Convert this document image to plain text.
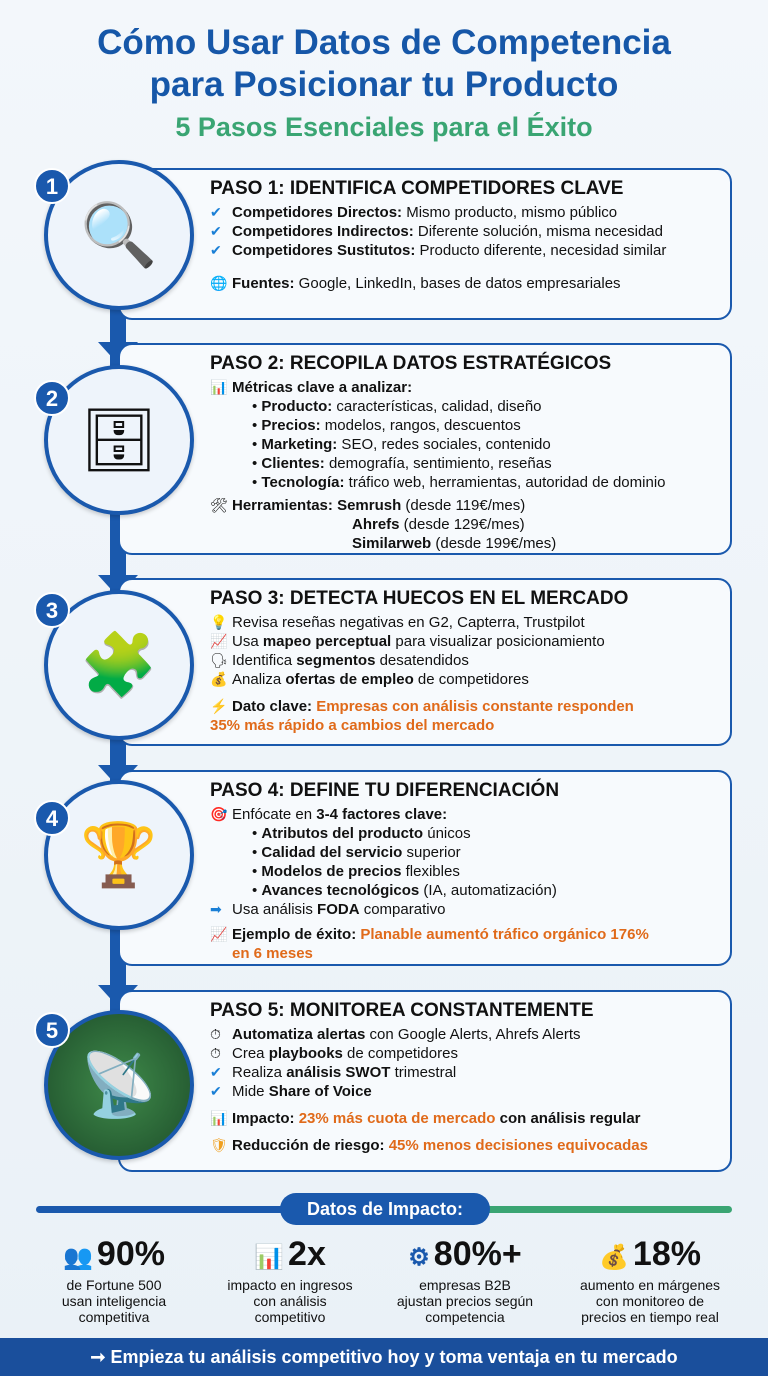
Cómo Usar Datos de Competencia
para Posicionar tu Producto
5 Pasos Esenciales para el Éxito
PASO 1: IDENTIFICA COMPETIDORES CLAVE
✔ Competidores Directos: Mismo producto, mismo público
✔ Competidores Indirectos: Diferente solución, misma necesidad
✔ Competidores Sustitutos: Producto diferente, necesidad similar
🌐 Fuentes: Google, LinkedIn, bases de datos empresariales
🔍
1
PASO 2: RECOPILA DATOS ESTRATÉGICOS
📊 Métricas clave a analizar:
• Producto: características, calidad, diseño
• Precios: modelos, rangos, descuentos
• Marketing: SEO, redes sociales, contenido
• Clientes: demografía, sentimiento, reseñas
• Tecnología: tráfico web, herramientas, autoridad de dominio
🛠 Herramientas: Semrush (desde 119€/mes)
Ahrefs (desde 129€/mes)
Similarweb (desde 199€/mes)
🗄
2
PASO 3: DETECTA HUECOS EN EL MERCADO
💡 Revisa reseñas negativas en G2, Capterra, Trustpilot
📈 Usa mapeo perceptual para visualizar posicionamiento
🗣 Identifica segmentos desatendidos
💰 Analiza ofertas de empleo de competidores
⚡ Dato clave: Empresas con análisis constante responden
35% más rápido a cambios del mercado
🧩
3
PASO 4: DEFINE TU DIFERENCIACIÓN
🎯 Enfócate en 3-4 factores clave:
• Atributos del producto únicos
• Calidad del servicio superior
• Modelos de precios flexibles
• Avances tecnológicos (IA, automatización)
➡ Usa análisis FODA comparativo
📈 Ejemplo de éxito: Planable aumentó tráfico orgánico 176%
en 6 meses
🏆
4
PASO 5: MONITOREA CONSTANTEMENTE
⏱ Automatiza alertas con Google Alerts, Ahrefs Alerts
⏱ Crea playbooks de competidores
✔ Realiza análisis SWOT trimestral
✔ Mide Share of Voice
📊 Impacto: 23% más cuota de mercado con análisis regular
🛡 Reducción de riesgo: 45% menos decisiones equivocadas
📡
5
Datos de Impacto:
👥 90%
de Fortune 500
usan inteligencia
competitiva
📊 2x
impacto en ingresos
con análisis
competitivo
⚙ 80%+
empresas B2B
ajustan precios según
competencia
💰 18%
aumento en márgenes
con monitoreo de
precios en tiempo real
➞ Empieza tu análisis competitivo hoy y toma ventaja en tu mercado
